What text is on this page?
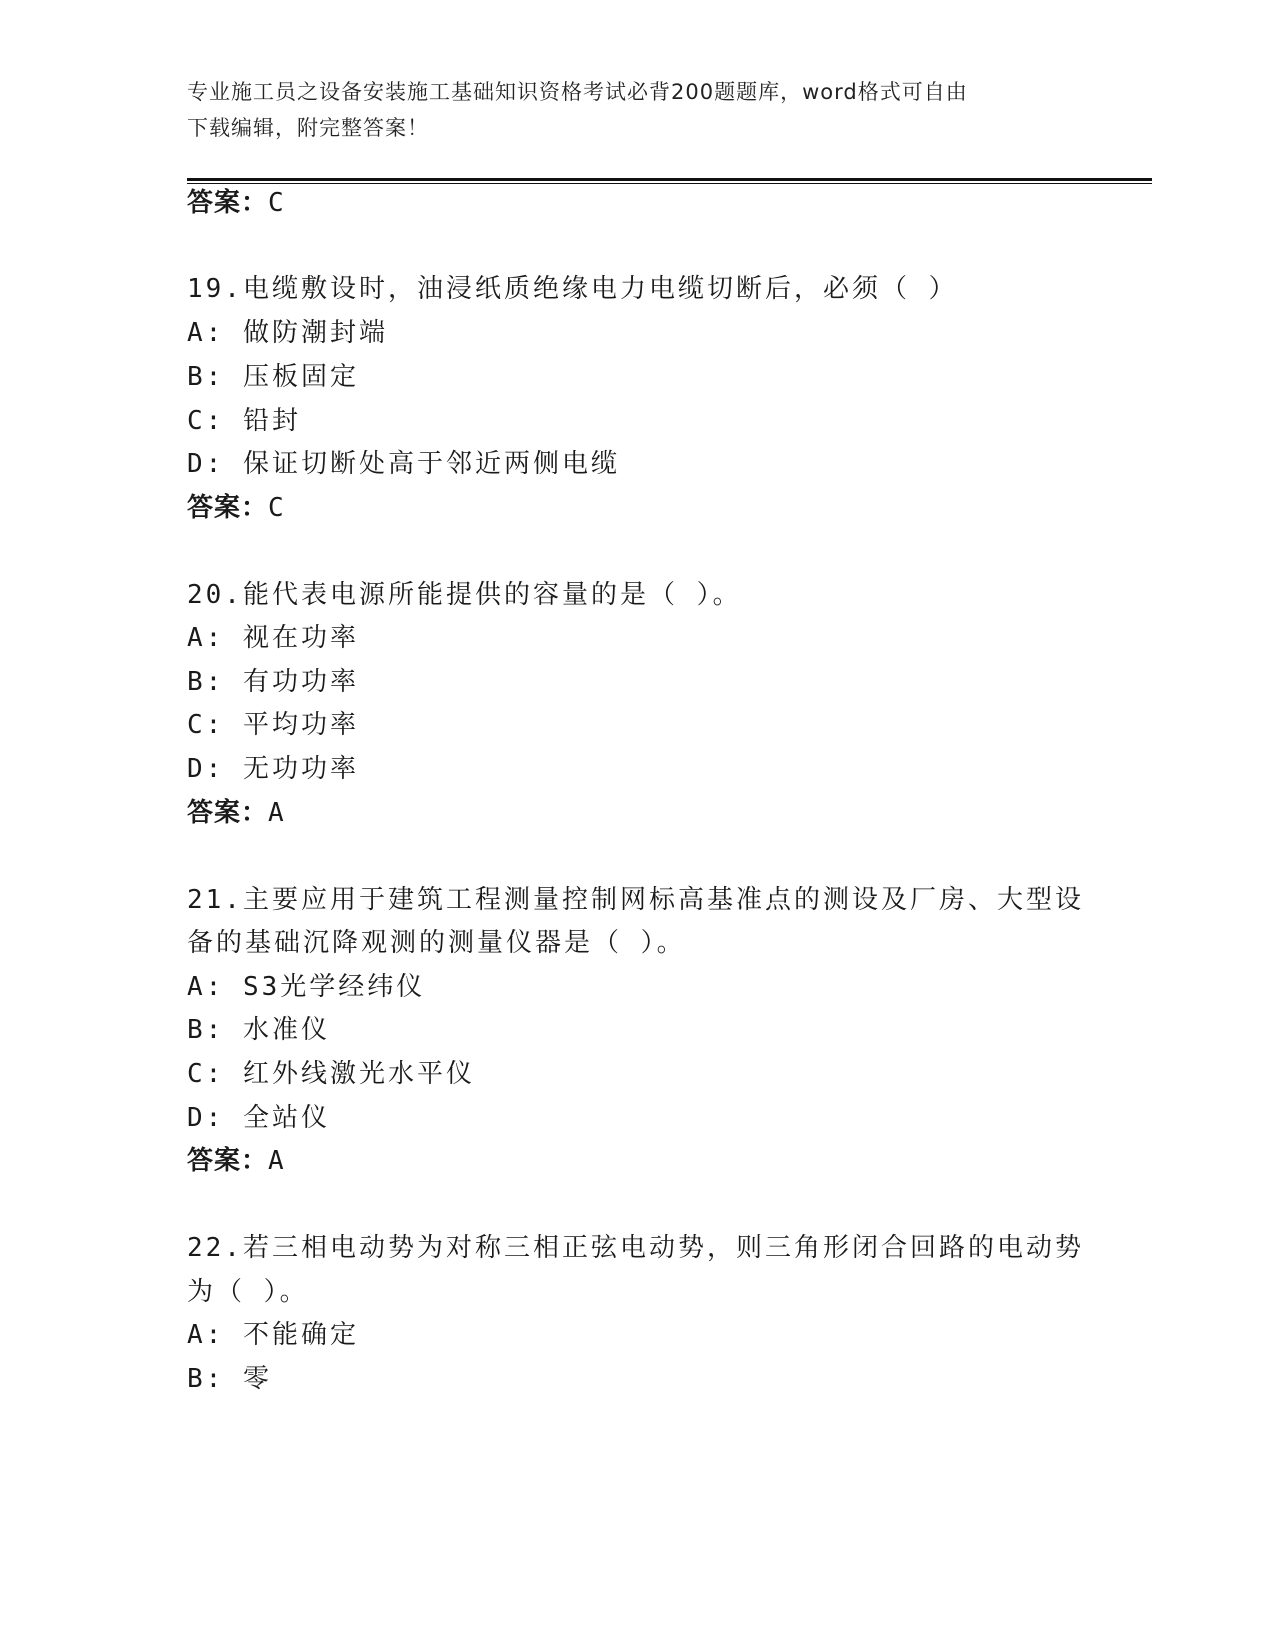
专业施工员之设备安装施工基础知识资格考试必背200题题库，word格式可自由
下载编辑，附完整答案！
答案：C
19.电缆敷设时，油浸纸质绝缘电力电缆切断后，必须（ ）
A: 做防潮封端
B: 压板固定
C: 铅封
D: 保证切断处高于邻近两侧电缆
答案：C
20.能代表电源所能提供的容量的是（ ）。
A: 视在功率
B: 有功功率
C: 平均功率
D: 无功功率
答案：A
21.主要应用于建筑工程测量控制网标高基准点的测设及厂房、大型设
备的基础沉降观测的测量仪器是（ ）。
A: S3光学经纬仪
B: 水准仪
C: 红外线激光水平仪
D: 全站仪
答案：A
22.若三相电动势为对称三相正弦电动势，则三角形闭合回路的电动势
为（ ）。
A: 不能确定
B: 零
